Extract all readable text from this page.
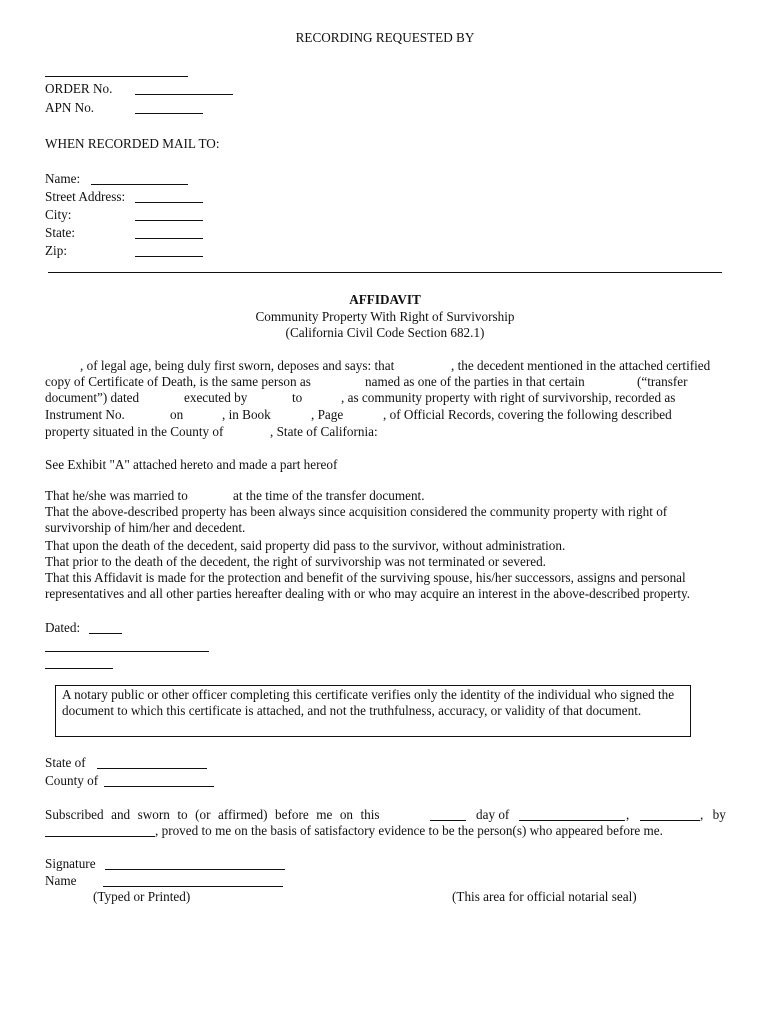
RECORDING REQUESTED BY
ORDER No.
APN No.
WHEN RECORDED MAIL TO:
Name:
Street Address:
City:
State:
Zip:
AFFIDAVIT
Community Property With Right of Survivorship
(California Civil Code Section 682.1)
, of legal age, being duly first sworn, deposes and says: that	, the decedent mentioned in the attached certified
copy of Certificate of Death, is the same person as	named as one of the parties in that certain	(“transfer
document”) dated	executed by	to	, as community property with right of survivorship, recorded as
Instrument No.	on	, in Book	, Page	, of Official Records, covering the following described
property situated in the County of	, State of California:
See Exhibit "A" attached hereto and made a part hereof
That he/she was married to	at the time of the transfer document.
That the above-described property has been always since acquisition considered the community property with right of survivorship of him/her and decedent.
That upon the death of the decedent, said property did pass to the survivor, without administration.
That prior to the death of the decedent, the right of survivorship was not terminated or severed.
That this Affidavit is made for the protection and benefit of the surviving spouse, his/her successors, assigns and personal representatives and all other parties hereafter dealing with or who may acquire an interest in the above-described property.
Dated:
A notary public or other officer completing this certificate verifies only the identity of the individual who signed the document to which this certificate is attached, and not the truthfulness, accuracy, or validity of that document.
State of
County of
Subscribed and sworn to (or affirmed) before me on this	day of	,	, by
, proved to me on the basis of satisfactory evidence to be the person(s) who appeared before me.
Signature
Name
(Typed or Printed)	(This area for official notarial seal)
